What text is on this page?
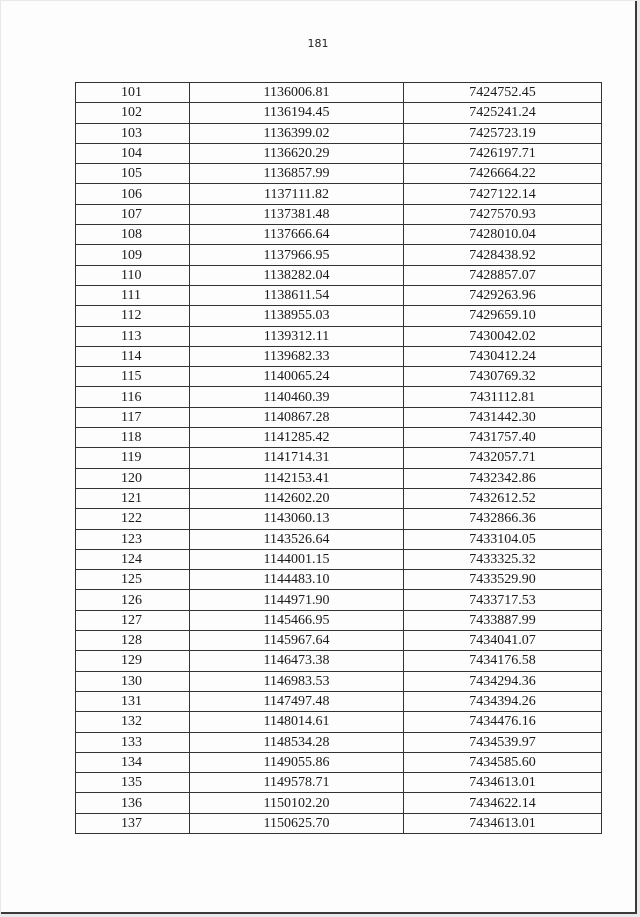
181
101	1136006.81	7424752.45
102	1136194.45	7425241.24
103	1136399.02	7425723.19
104	1136620.29	7426197.71
105	1136857.99	7426664.22
106	1137111.82	7427122.14
107	1137381.48	7427570.93
108	1137666.64	7428010.04
109	1137966.95	7428438.92
110	1138282.04	7428857.07
111	1138611.54	7429263.96
112	1138955.03	7429659.10
113	1139312.11	7430042.02
114	1139682.33	7430412.24
115	1140065.24	7430769.32
116	1140460.39	7431112.81
117	1140867.28	7431442.30
118	1141285.42	7431757.40
119	1141714.31	7432057.71
120	1142153.41	7432342.86
121	1142602.20	7432612.52
122	1143060.13	7432866.36
123	1143526.64	7433104.05
124	1144001.15	7433325.32
125	1144483.10	7433529.90
126	1144971.90	7433717.53
127	1145466.95	7433887.99
128	1145967.64	7434041.07
129	1146473.38	7434176.58
130	1146983.53	7434294.36
131	1147497.48	7434394.26
132	1148014.61	7434476.16
133	1148534.28	7434539.97
134	1149055.86	7434585.60
135	1149578.71	7434613.01
136	1150102.20	7434622.14
137	1150625.70	7434613.01
